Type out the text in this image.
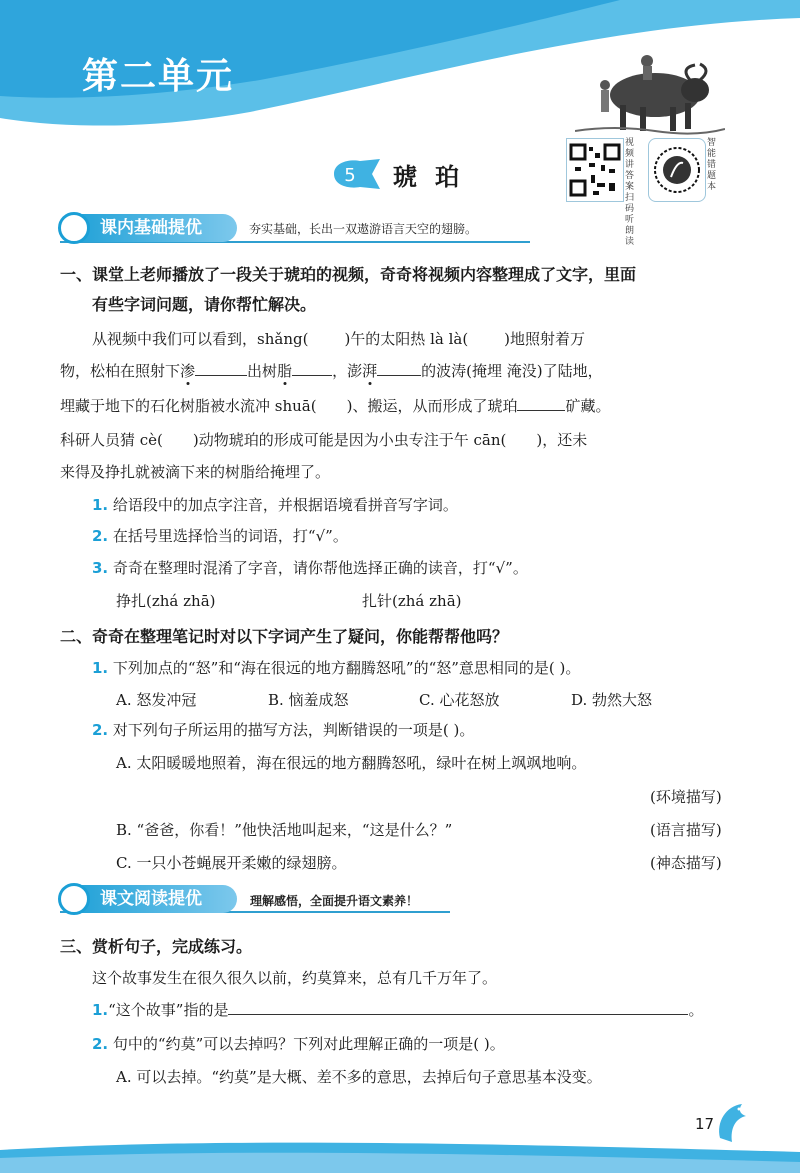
第二单元
视频讲答案扫码听朗读
智能错题本
5 琥珀
课内基础提优	夯实基础，长出一双遨游语言天空的翅膀。
一、课堂上老师播放了一段关于琥珀的视频，奇奇将视频内容整理成了文字，里面
有些字词问题，请你帮忙解决。
从视频中我们可以看到，shǎng( )午的太阳热 là là( )地照射着万
物，松柏在照射下渗	出树脂	，澎湃	的波涛(掩埋 淹没)了陆地，
埋藏于地下的石化树脂被水流冲 shuā( )、搬运，从而形成了琥珀	矿藏。
科研人员猜 cè( )动物琥珀的形成可能是因为小虫专注于午 cān( )，还未
来得及挣扎就被滴下来的树脂给掩埋了。
1. 给语段中的加点字注音，并根据语境看拼音写字词。
2. 在括号里选择恰当的词语，打“√”。
3. 奇奇在整理时混淆了字音，请你帮他选择正确的读音，打“√”。
挣扎(zhá zhā)	扎针(zhá zhā)
二、奇奇在整理笔记时对以下字词产生了疑问，你能帮帮他吗？
1. 下列加点的“怒”和“海在很远的地方翻腾怒吼”的“怒”意思相同的是( )。
A. 怒发冲冠	B. 恼羞成怒	C. 心花怒放	D. 勃然大怒
2. 对下列句子所运用的描写方法，判断错误的一项是( )。
A. 太阳暖暖地照着，海在很远的地方翻腾怒吼，绿叶在树上飒飒地响。
(环境描写)
B. “爸爸，你看！”他快活地叫起来，“这是什么？”	(语言描写)
C. 一只小苍蝇展开柔嫩的绿翅膀。	(神态描写)
课文阅读提优	理解感悟，全面提升语文素养！
三、赏析句子，完成练习。
这个故事发生在很久很久以前，约莫算来，总有几千万年了。
1.“这个故事”指的是	。
2. 句中的“约莫”可以去掉吗？下列对此理解正确的一项是( )。
A. 可以去掉。“约莫”是大概、差不多的意思，去掉后句子意思基本没变。
17
